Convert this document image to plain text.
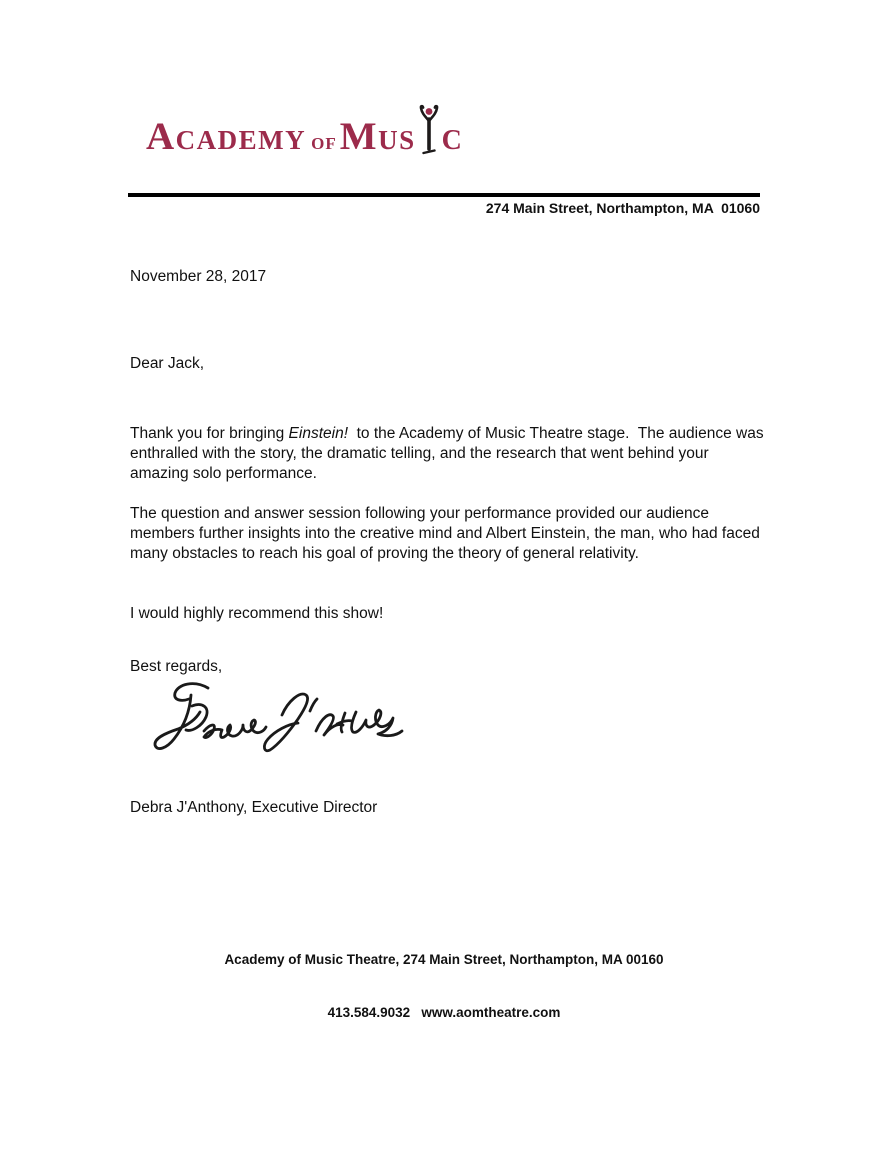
ACADEMY OF MUS C
274 Main Street, Northampton, MA  01060
November 28, 2017
Dear Jack,
Thank you for bringing Einstein!  to the Academy of Music Theatre stage.  The audience was enthralled with the story, the dramatic telling, and the research that went behind your amazing solo performance.
The question and answer session following your performance provided our audience members further insights into the creative mind and Albert Einstein, the man, who had faced many obstacles to reach his goal of proving the theory of general relativity.
I would highly recommend this show!
Best regards,
Debra J'Anthony, Executive Director

Academy of Music Theatre, 274 Main Street, Northampton, MA 00160

413.584.9032   www.aomtheatre.com
